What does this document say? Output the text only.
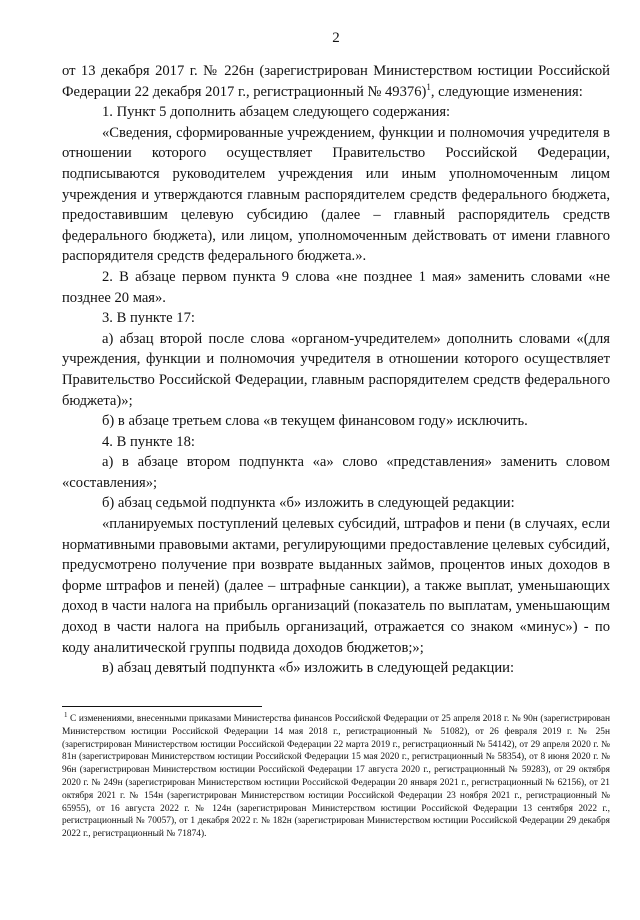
2

от 13 декабря 2017 г. № 226н (зарегистрирован Министерством юстиции Российской Федерации 22 декабря 2017 г., регистрационный № 49376)$^1$, следующие изменения:

1. Пункт 5 дополнить абзацем следующего содержания:

«Сведения, сформированные учреждением, функции и полномочия учредителя в отношении которого осуществляет Правительство Российской Федерации, подписываются руководителем учреждения или иным уполномоченным лицом учреждения и утверждаются главным распорядителем средств федерального бюджета, предоставившим целевую субсидию (далее – главный распорядитель средств федерального бюджета), или лицом, уполномоченным действовать от имени главного распорядителя средств федерального бюджета.».

2. В абзаце первом пункта 9 слова «не позднее 1 мая» заменить словами «не позднее 20 мая».

3. В пункте 17:

а) абзац второй после слова «органом-учредителем» дополнить словами «(для учреждения, функции и полномочия учредителя в отношении которого осуществляет Правительство Российской Федерации, главным распорядителем средств федерального бюджета)»;

б) в абзаце третьем слова «в текущем финансовом году» исключить.

4. В пункте 18:

а) в абзаце втором подпункта «а» слово «представления» заменить словом «составления»;

б) абзац седьмой подпункта «б» изложить в следующей редакции:

«планируемых поступлений целевых субсидий, штрафов и пени (в случаях, если нормативными правовыми актами, регулирующими предоставление целевых субсидий, предусмотрено получение при возврате выданных займов, процентов иных доходов в форме штрафов и пеней) (далее – штрафные санкции), а также выплат, уменьшающих доход в части налога на прибыль организаций (показатель по выплатам, уменьшающим доход в части налога на прибыль организаций, отражается со знаком «минус») - по коду аналитической группы подвида доходов бюджетов;»;

в) абзац девятый подпункта «б» изложить в следующей редакции:

$^1$ С изменениями, внесенными приказами Министерства финансов Российской Федерации от 25 апреля 2018 г. № 90н (зарегистрирован Министерством юстиции Российской Федерации 14 мая 2018 г., регистрационный № 51082), от 26 февраля 2019 г. № 25н (зарегистрирован Министерством юстиции Российской Федерации 22 марта 2019 г., регистрационный № 54142), от 29 апреля 2020 г. № 81н (зарегистрирован Министерством юстиции Российской Федерации 15 мая 2020 г., регистрационный № 58354), от 8 июня 2020 г. № 96н (зарегистрирован Министерством юстиции Российской Федерации 17 августа 2020 г., регистрационный № 59283), от 29 октября 2020 г. № 249н (зарегистрирован Министерством юстиции Российской Федерации 20 января 2021 г., регистрационный № 62156), от 21 октября 2021 г. № 154н (зарегистрирован Министерством юстиции Российской Федерации 23 ноября 2021 г., регистрационный № 65955), от 16 августа 2022 г. № 124н (зарегистрирован Министерством юстиции Российской Федерации 13 сентября 2022 г., регистрационный № 70057), от 1 декабря 2022 г. № 182н (зарегистрирован Министерством юстиции Российской Федерации 29 декабря 2022 г., регистрационный № 71874).
